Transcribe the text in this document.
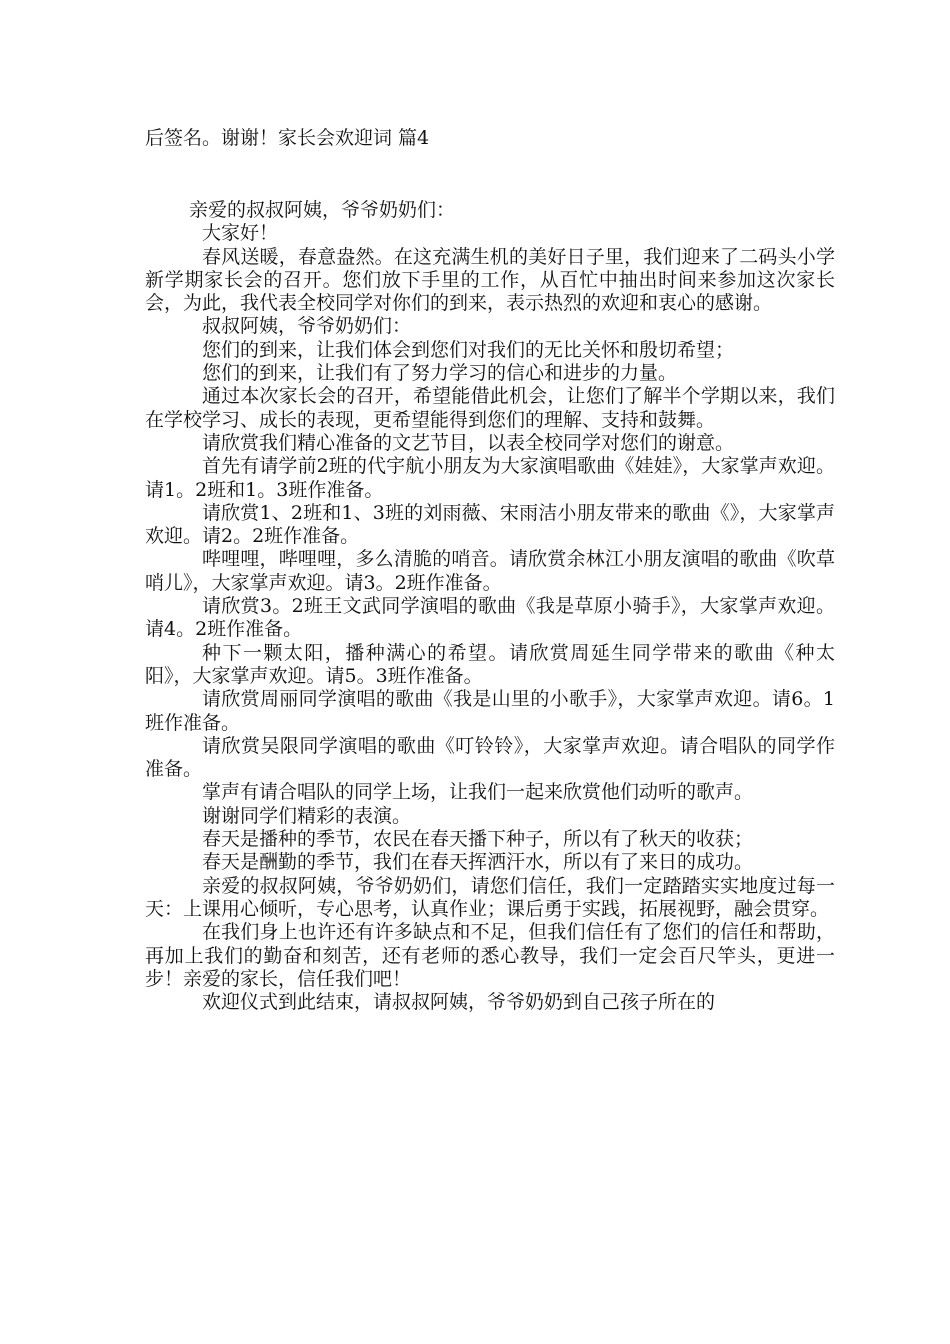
后签名。谢谢！家长会欢迎词 篇4

亲爱的叔叔阿姨，爷爷奶奶们：

大家好！

春风送暖，春意盎然。在这充满生机的美好日子里，我们迎来了二码头小学新学期家长会的召开。您们放下手里的工作，从百忙中抽出时间来参加这次家长会，为此，我代表全校同学对你们的到来，表示热烈的欢迎和衷心的感谢。

叔叔阿姨，爷爷奶奶们：

您们的到来，让我们体会到您们对我们的无比关怀和殷切希望；

您们的到来，让我们有了努力学习的信心和进步的力量。

通过本次家长会的召开，希望能借此机会，让您们了解半个学期以来，我们在学校学习、成长的表现，更希望能得到您们的理解、支持和鼓舞。

请欣赏我们精心准备的文艺节目，以表全校同学对您们的谢意。

首先有请学前2班的代宇航小朋友为大家演唱歌曲《娃娃》，大家掌声欢迎。请1。2班和1。3班作准备。

请欣赏1、2班和1、3班的刘雨薇、宋雨洁小朋友带来的歌曲《》，大家掌声欢迎。请2。2班作准备。

哔哩哩，哔哩哩，多么清脆的哨音。请欣赏余林江小朋友演唱的歌曲《吹草哨儿》，大家掌声欢迎。请3。2班作准备。

请欣赏3。2班王文武同学演唱的歌曲《我是草原小骑手》，大家掌声欢迎。请4。2班作准备。

种下一颗太阳，播种满心的希望。请欣赏周延生同学带来的歌曲《种太阳》，大家掌声欢迎。请5。3班作准备。

请欣赏周丽同学演唱的歌曲《我是山里的小歌手》，大家掌声欢迎。请6。1班作准备。

请欣赏吴限同学演唱的歌曲《叮铃铃》，大家掌声欢迎。请合唱队的同学作准备。

掌声有请合唱队的同学上场，让我们一起来欣赏他们动听的歌声。

谢谢同学们精彩的表演。

春天是播种的季节，农民在春天播下种子，所以有了秋天的收获；

春天是酬勤的季节，我们在春天挥洒汗水，所以有了来日的成功。

亲爱的叔叔阿姨，爷爷奶奶们，请您们信任，我们一定踏踏实实地度过每一天：上课用心倾听，专心思考，认真作业；课后勇于实践，拓展视野，融会贯穿。

在我们身上也许还有许多缺点和不足，但我们信任有了您们的信任和帮助，再加上我们的勤奋和刻苦，还有老师的悉心教导，我们一定会百尺竿头，更进一步！亲爱的家长，信任我们吧！

欢迎仪式到此结束，请叔叔阿姨，爷爷奶奶到自己孩子所在的
